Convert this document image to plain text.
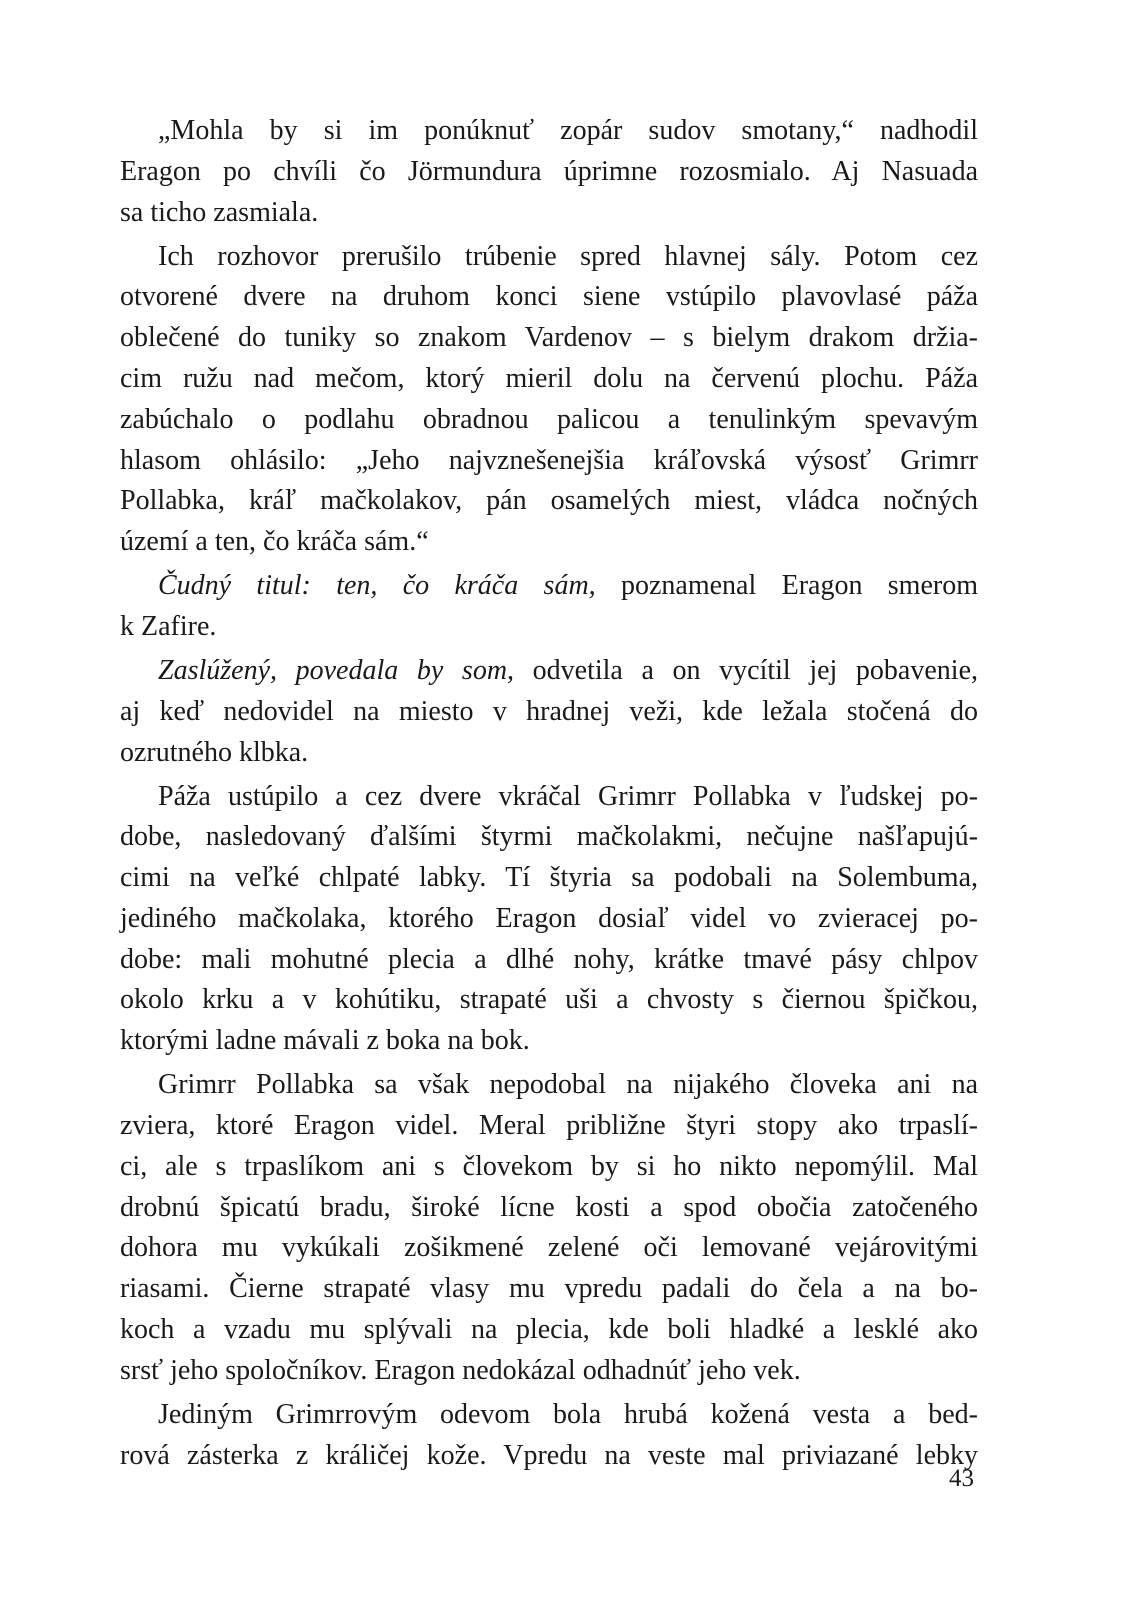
„Mohla by si im ponúknuť zopár sudov smotany,“ nadhodil
Eragon po chvíli čo Jörmundura úprimne rozosmialo. Aj Nasuada
sa ticho zasmiala.
Ich rozhovor prerušilo trúbenie spred hlavnej sály. Potom cez
otvorené dvere na druhom konci siene vstúpilo plavovlasé páža
oblečené do tuniky so znakom Vardenov – s bielym drakom držia-
cim ružu nad mečom, ktorý mieril dolu na červenú plochu. Páža
zabúchalo o podlahu obradnou palicou a tenulinkým spevavým
hlasom ohlásilo: „Jeho najvznešenejšia kráľovská výsosť Grimrr
Pollabka, kráľ mačkolakov, pán osamelých miest, vládca nočných
území a ten, čo kráča sám.“
Čudný titul: ten, čo kráča sám, poznamenal Eragon smerom
k Zafire.
Zaslúžený, povedala by som, odvetila a on vycítil jej pobavenie,
aj keď nedovidel na miesto v hradnej veži, kde ležala stočená do
ozrutného klbka.
Páža ustúpilo a cez dvere vkráčal Grimrr Pollabka v ľudskej po-
dobe, nasledovaný ďalšími štyrmi mačkolakmi, nečujne našľapujú-
cimi na veľké chlpaté labky. Tí štyria sa podobali na Solembuma,
jediného mačkolaka, ktorého Eragon dosiaľ videl vo zvieracej po-
dobe: mali mohutné plecia a dlhé nohy, krátke tmavé pásy chlpov
okolo krku a v kohútiku, strapaté uši a chvosty s čiernou špičkou,
ktorými ladne mávali z boka na bok.
Grimrr Pollabka sa však nepodobal na nijakého človeka ani na
zviera, ktoré Eragon videl. Meral približne štyri stopy ako trpaslí-
ci, ale s trpaslíkom ani s človekom by si ho nikto nepomýlil. Mal
drobnú špicatú bradu, široké lícne kosti a spod obočia zatočeného
dohora mu vykúkali zošikmené zelené oči lemované vejárovitými
riasami. Čierne strapaté vlasy mu vpredu padali do čela a na bo-
koch a vzadu mu splývali na plecia, kde boli hladké a lesklé ako
srsť jeho spoločníkov. Eragon nedokázal odhadnúť jeho vek.
Jediným Grimrrovým odevom bola hrubá kožená vesta a bed-
rová zásterka z králičej kože. Vpredu na veste mal priviazané lebky
43
